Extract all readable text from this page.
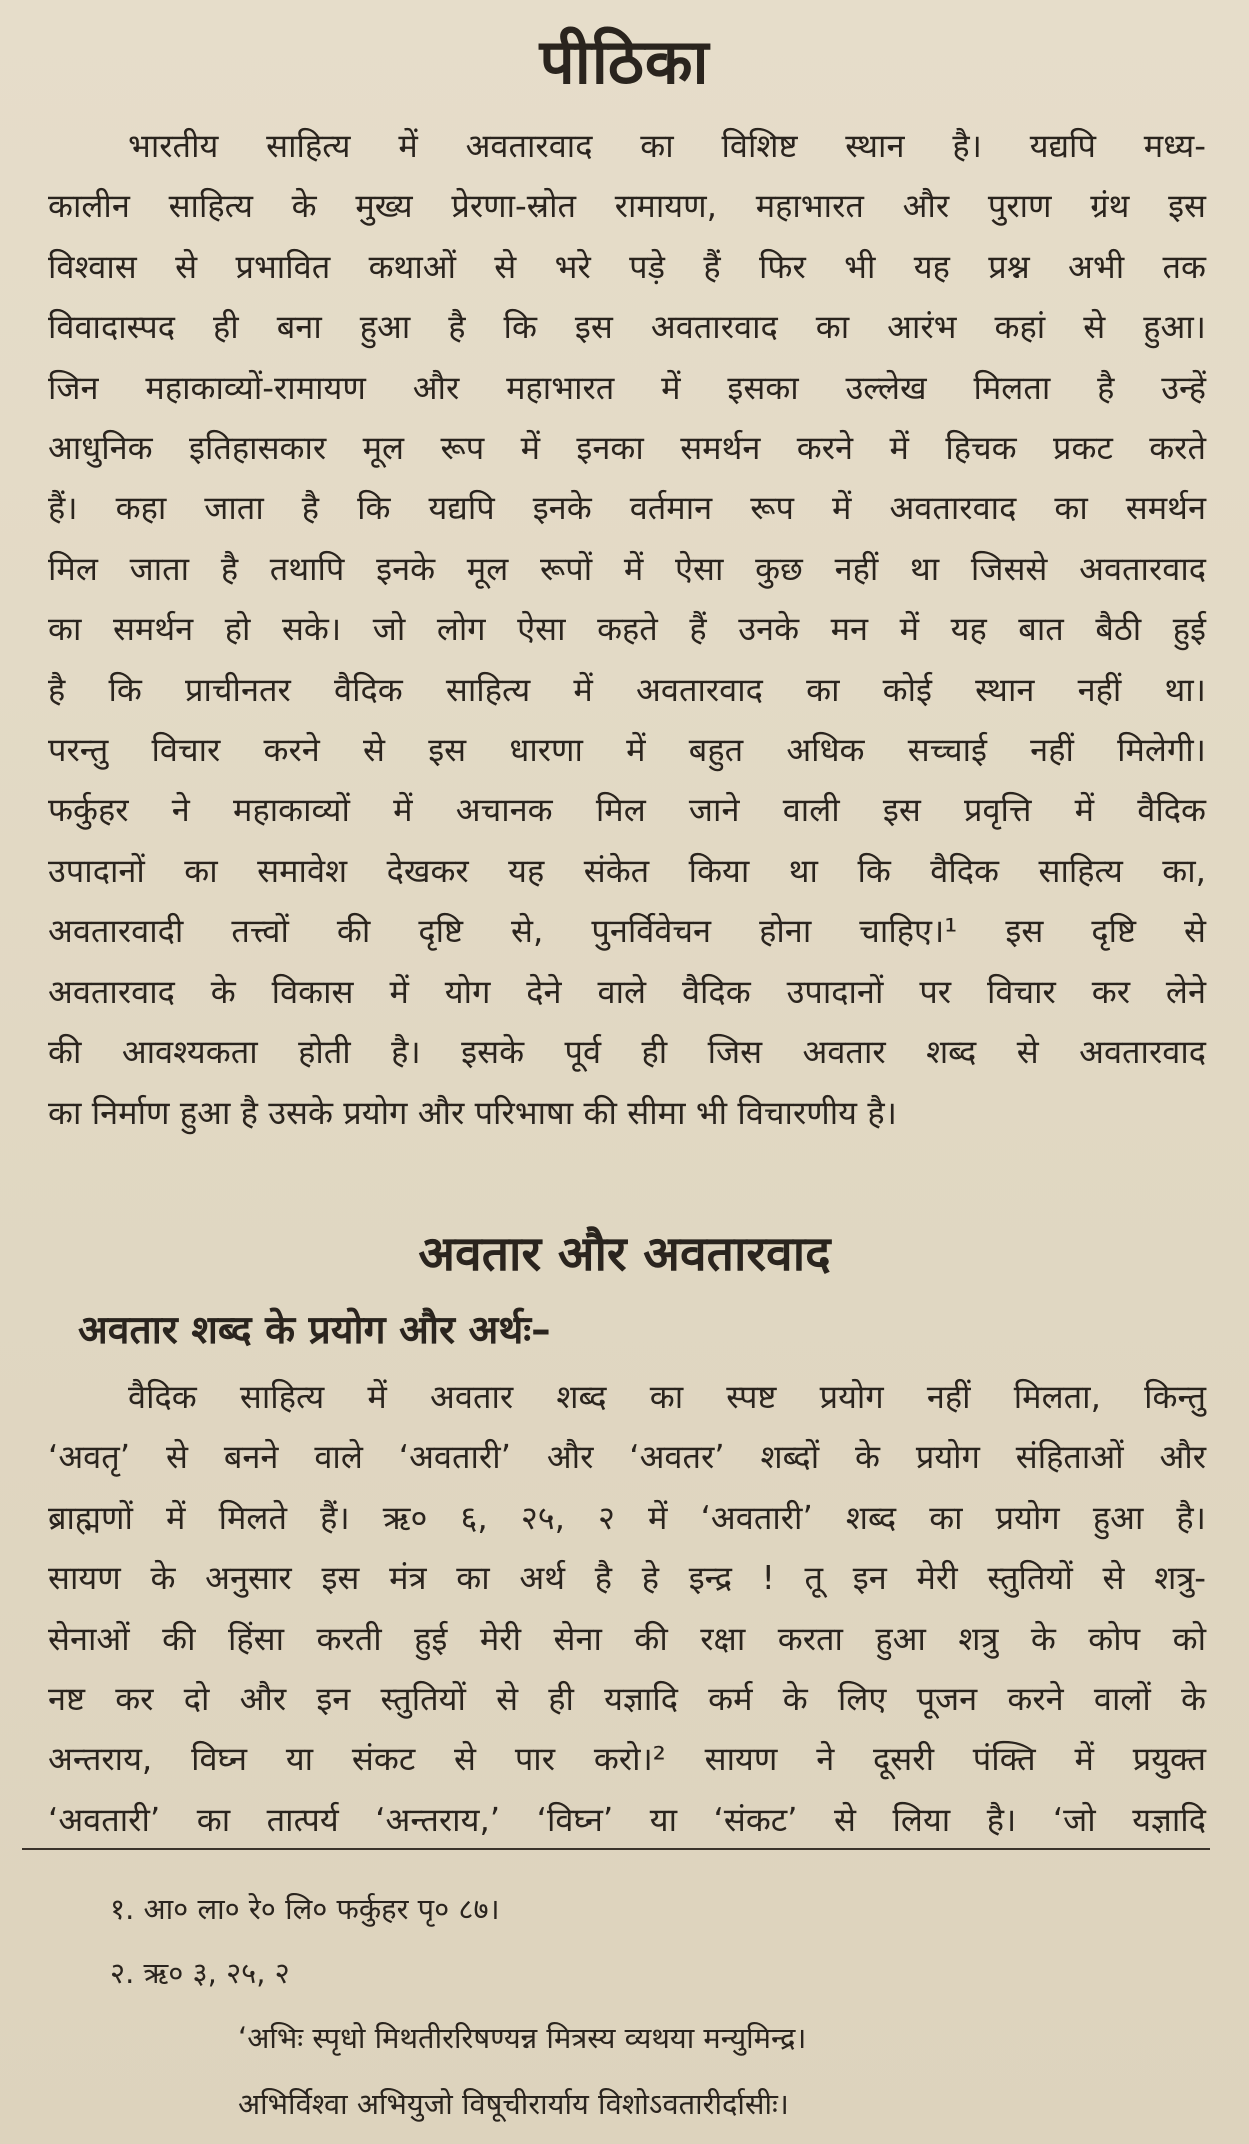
पीठिका
भारतीय साहित्य में अवतारवाद का विशिष्ट स्थान है। यद्यपि मध्य-
कालीन साहित्य के मुख्य प्रेरणा-स्रोत रामायण, महाभारत और पुराण ग्रंथ इस
विश्वास से प्रभावित कथाओं से भरे पड़े हैं फिर भी यह प्रश्न अभी तक
विवादास्पद ही बना हुआ है कि इस अवतारवाद का आरंभ कहां से हुआ।
जिन महाकाव्यों-रामायण और महाभारत में इसका उल्लेख मिलता है उन्हें
आधुनिक इतिहासकार मूल रूप में इनका समर्थन करने में हिचक प्रकट करते
हैं। कहा जाता है कि यद्यपि इनके वर्तमान रूप में अवतारवाद का समर्थन
मिल जाता है तथापि इनके मूल रूपों में ऐसा कुछ नहीं था जिससे अवतारवाद
का समर्थन हो सके। जो लोग ऐसा कहते हैं उनके मन में यह बात बैठी हुई
है कि प्राचीनतर वैदिक साहित्य में अवतारवाद का कोई स्थान नहीं था।
परन्तु विचार करने से इस धारणा में बहुत अधिक सच्चाई नहीं मिलेगी।
फर्कुहर ने महाकाव्यों में अचानक मिल जाने वाली इस प्रवृत्ति में वैदिक
उपादानों का समावेश देखकर यह संकेत किया था कि वैदिक साहित्य का,
अवतारवादी तत्त्वों की दृष्टि से, पुनर्विवेचन होना चाहिए।¹ इस दृष्टि से
अवतारवाद के विकास में योग देने वाले वैदिक उपादानों पर विचार कर लेने
की आवश्यकता होती है। इसके पूर्व ही जिस अवतार शब्द से अवतारवाद
का निर्माण हुआ है उसके प्रयोग और परिभाषा की सीमा भी विचारणीय है।
अवतार और अवतारवाद
अवतार शब्द के प्रयोग और अर्थः–
वैदिक साहित्य में अवतार शब्द का स्पष्ट प्रयोग नहीं मिलता, किन्तु
‘अवतृ’ से बनने वाले ‘अवतारी’ और ‘अवतर’ शब्दों के प्रयोग संहिताओं और
ब्राह्मणों में मिलते हैं। ऋ० ६, २५, २ में ‘अवतारी’ शब्द का प्रयोग हुआ है।
सायण के अनुसार इस मंत्र का अर्थ है हे इन्द्र ! तू इन मेरी स्तुतियों से शत्रु-
सेनाओं की हिंसा करती हुई मेरी सेना की रक्षा करता हुआ शत्रु के कोप को
नष्ट कर दो और इन स्तुतियों से ही यज्ञादि कर्म के लिए पूजन करने वालों के
अन्तराय, विघ्न या संकट से पार करो।² सायण ने दूसरी पंक्ति में प्रयुक्त
‘अवतारी’ का तात्पर्य ‘अन्तराय,’ ‘विघ्न’ या ‘संकट’ से लिया है। ‘जो यज्ञादि
१. आ० ला० रे० लि० फर्कुहर पृ० ८७।
२. ऋ० ३, २५, २
‘अभिः स्पृधो मिथतीररिषण्यन्न मित्रस्य व्यथया मन्युमिन्द्र।
अभिर्विश्वा अभियुजो विषूचीरार्याय विशोऽवतारीर्दासीः।
